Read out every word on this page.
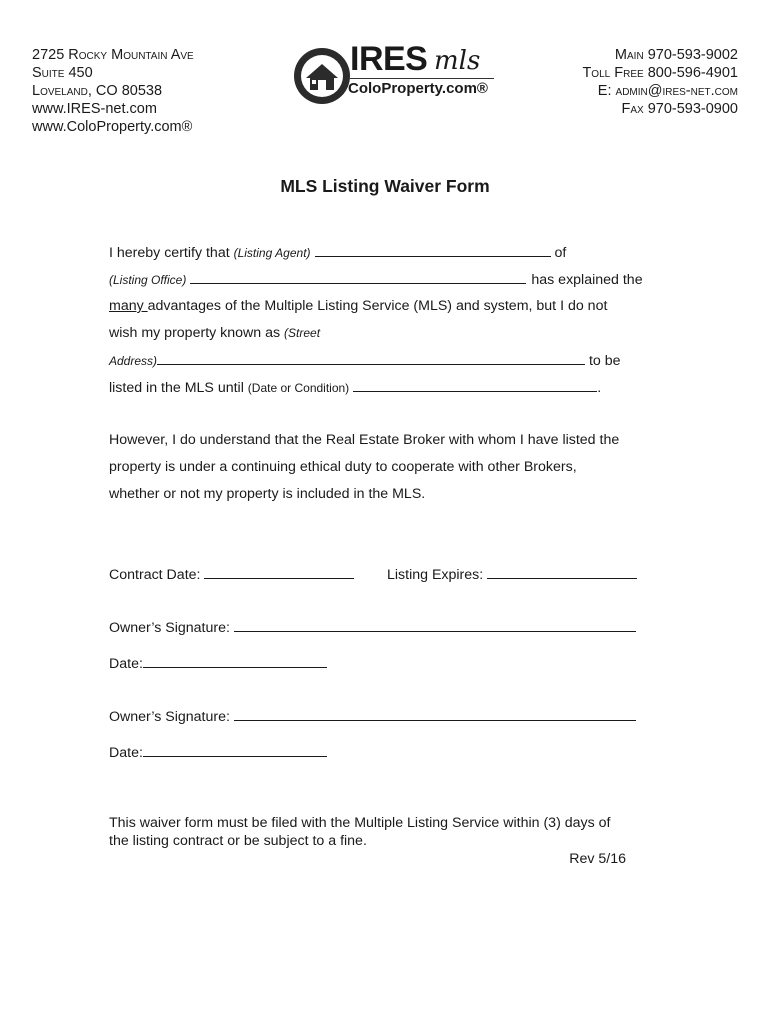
2725 Rocky Mountain Ave
Suite 450
Loveland, CO 80538
www.IRES-net.com
www.ColoProperty.com®
IRES mls
ColoProperty.com®
Main 970-593-9002
Toll Free 800-596-4901
E: admin@ires-net.com
Fax 970-593-0900
MLS Listing Waiver Form
I hereby certify that (Listing Agent)	of
(Listing Office)	has explained the
many advantages of the Multiple Listing Service (MLS) and system, but I do not
wish my property known as (Street
Address)	to be
listed in the MLS until (Date or Condition)	.
However, I do understand that the Real Estate Broker with whom I have listed the
property is under a continuing ethical duty to cooperate with other Brokers,
whether or not my property is included in the MLS.
Contract Date:	Listing Expires:
Owner’s Signature:
Date:
Owner’s Signature:
Date:
This waiver form must be filed with the Multiple Listing Service within (3) days of
the listing contract or be subject to a fine.
Rev 5/16
